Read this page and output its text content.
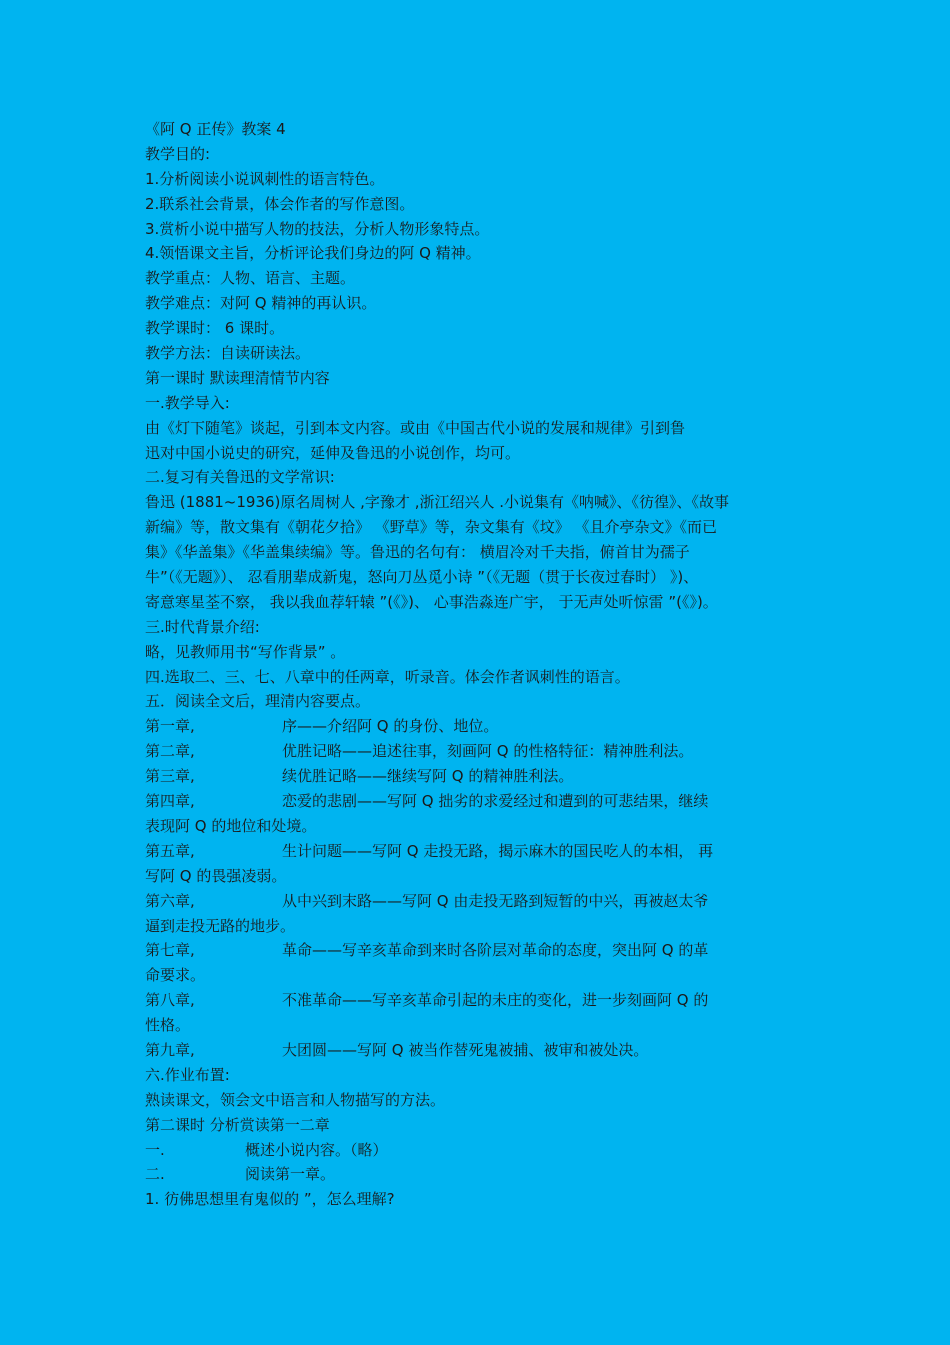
《阿 Q 正传》教案 4
教学目的:
1.分析阅读小说讽刺性的语言特色。
2.联系社会背景，体会作者的写作意图。
3.赏析小说中描写人物的技法，分析人物形象特点。
4.领悟课文主旨，分析评论我们身边的阿 Q 精神。
教学重点：人物、语言、主题。
教学难点：对阿 Q 精神的再认识。
教学课时： 6 课时。
教学方法：自读研读法。
第一课时 默读理清情节内容
一.教学导入:
由《灯下随笔》谈起，引到本文内容。或由《中国古代小说的发展和规律》引到鲁
迅对中国小说史的研究，延伸及鲁迅的小说创作，均可。
二.复习有关鲁迅的文学常识:
鲁迅 (1881~1936)原名周树人 ,字豫才 ,浙江绍兴人 .小说集有《呐喊》、《彷徨》、《故事
新编》等，散文集有《朝花夕拾》 《野草》等，杂文集有《坟》 《且介亭杂文》《而已
集》《华盖集》《华盖集续编》等。鲁迅的名句有： 横眉冷对千夫指，俯首甘为孺子
牛”（《无题》）、 忍看朋辈成新鬼，怒向刀丛觅小诗 ”（《无题（贯于长夜过春时） 》)、
寄意寒星荃不察， 我以我血荐轩辕 ”(《》)、 心事浩淼连广宇， 于无声处听惊雷 ”(《》)。
三.时代背景介绍:
略，见教师用书“写作背景” 。
四.选取二、三、七、八章中的任两章，听录音。体会作者讽刺性的语言。
五．阅读全文后，理清内容要点。
第一章,	序——介绍阿 Q 的身份、地位。
第二章,	优胜记略——追述往事，刻画阿 Q 的性格特征：精神胜利法。
第三章,	续优胜记略——继续写阿 Q 的精神胜利法。
第四章,	恋爱的悲剧——写阿 Q 拙劣的求爱经过和遭到的可悲结果，继续
表现阿 Q 的地位和处境。
第五章,	生计问题——写阿 Q 走投无路，揭示麻木的国民吃人的本相， 再
写阿 Q 的畏强凌弱。
第六章,	从中兴到末路——写阿 Q 由走投无路到短暂的中兴，再被赵太爷
逼到走投无路的地步。
第七章,	革命——写辛亥革命到来时各阶层对革命的态度，突出阿 Q 的革
命要求。
第八章,	不准革命——写辛亥革命引起的未庄的变化，进一步刻画阿 Q 的
性格。
第九章,	大团圆——写阿 Q 被当作替死鬼被捕、被审和被处决。
六.作业布置:
熟读课文，领会文中语言和人物描写的方法。
第二课时 分析赏读第一二章
一.	概述小说内容。（略）
二.	阅读第一章。
1. 彷佛思想里有鬼似的 ”，怎么理解?
